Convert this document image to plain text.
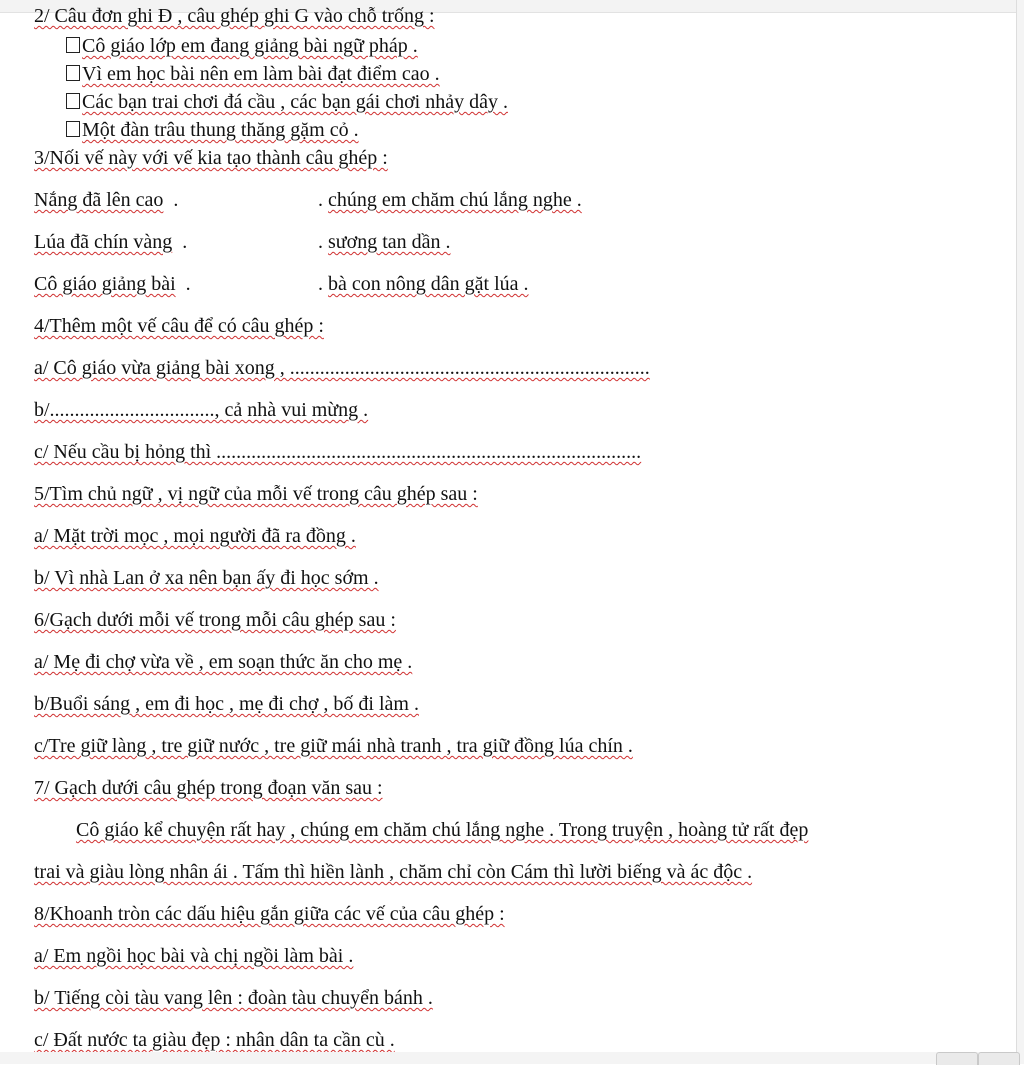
2/ Câu đơn ghi Đ , câu ghép ghi G vào chỗ trống :
Cô giáo lớp em đang giảng bài ngữ pháp .
Vì em học bài nên em làm bài đạt điểm cao .
Các bạn trai chơi đá cầu , các bạn gái chơi nhảy dây .
Một đàn trâu thung thăng gặm cỏ .
3/Nối vế này với vế kia tạo thành câu ghép :
Nắng đã lên cao  .	. chúng em chăm chú lắng nghe .
Lúa đã chín vàng  .	. sương tan dần .
Cô giáo giảng bài  .	. bà con nông dân gặt lúa .
4/Thêm một vế câu để có câu ghép :
a/ Cô giáo vừa giảng bài xong , ........................................................................
b/................................., cả nhà vui mừng .
c/ Nếu cầu bị hỏng thì .....................................................................................
5/Tìm chủ ngữ , vị ngữ của mỗi vế trong câu ghép sau :
a/ Mặt trời mọc , mọi người đã ra đồng .
b/ Vì nhà Lan ở xa nên bạn ấy đi học sớm .
6/Gạch dưới mỗi vế trong mỗi câu ghép sau :
a/ Mẹ đi chợ vừa về , em soạn thức ăn cho mẹ .
b/Buổi sáng , em đi học , mẹ đi chợ , bố đi làm .
c/Tre giữ làng , tre giữ nước , tre giữ mái nhà tranh , tra giữ đồng lúa chín .
7/ Gạch dưới câu ghép trong đoạn văn sau :
Cô giáo kể chuyện rất hay , chúng em chăm chú lắng nghe . Trong truyện , hoàng tử rất đẹp
trai và giàu lòng nhân ái . Tấm thì hiền lành , chăm chỉ còn Cám thì lười biếng và ác độc .
8/Khoanh tròn các dấu hiệu gắn giữa các vế của câu ghép :
a/ Em ngồi học bài và chị ngồi làm bài .
b/ Tiếng còi tàu vang lên : đoàn tàu chuyển bánh .
c/ Đất nước ta giàu đẹp : nhân dân ta cần cù .
